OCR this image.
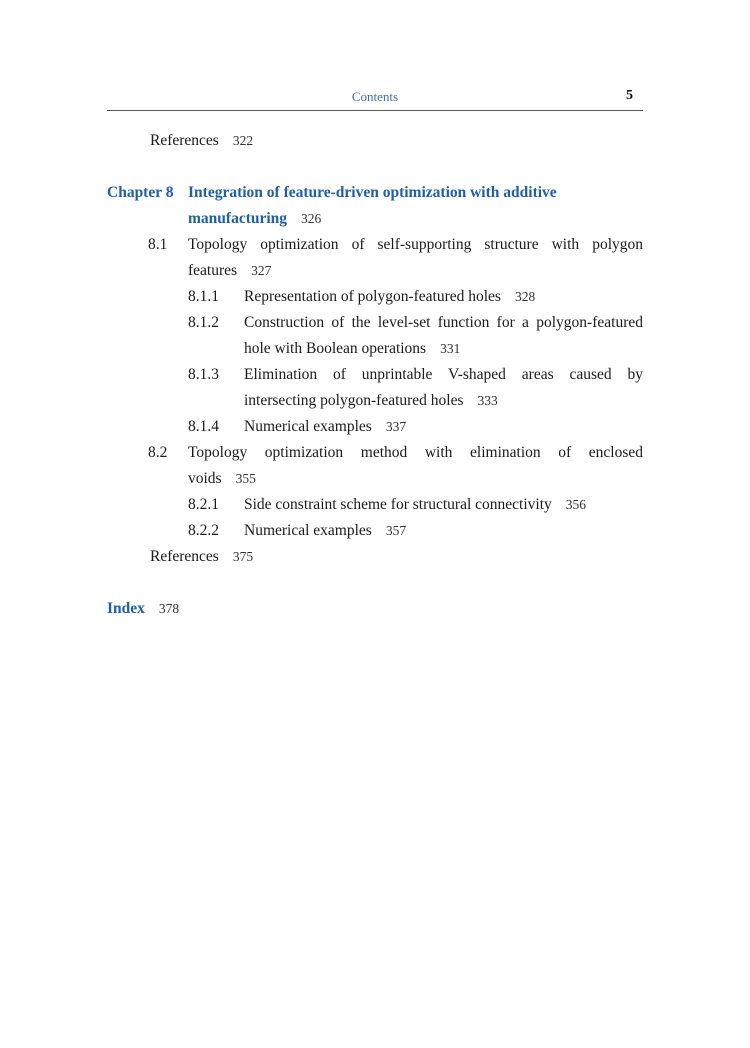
Contents	5
References 322
Chapter 8 Integration of feature-driven optimization with additive
manufacturing 326
8.1 Topology optimization of self-supporting structure with polygon
features 327
8.1.1 Representation of polygon-featured holes 328
8.1.2 Construction of the level-set function for a polygon-featured
hole with Boolean operations 331
8.1.3 Elimination of unprintable V-shaped areas caused by
intersecting polygon-featured holes 333
8.1.4 Numerical examples 337
8.2 Topology optimization method with elimination of enclosed
voids 355
8.2.1 Side constraint scheme for structural connectivity 356
8.2.2 Numerical examples 357
References 375
Index 378
